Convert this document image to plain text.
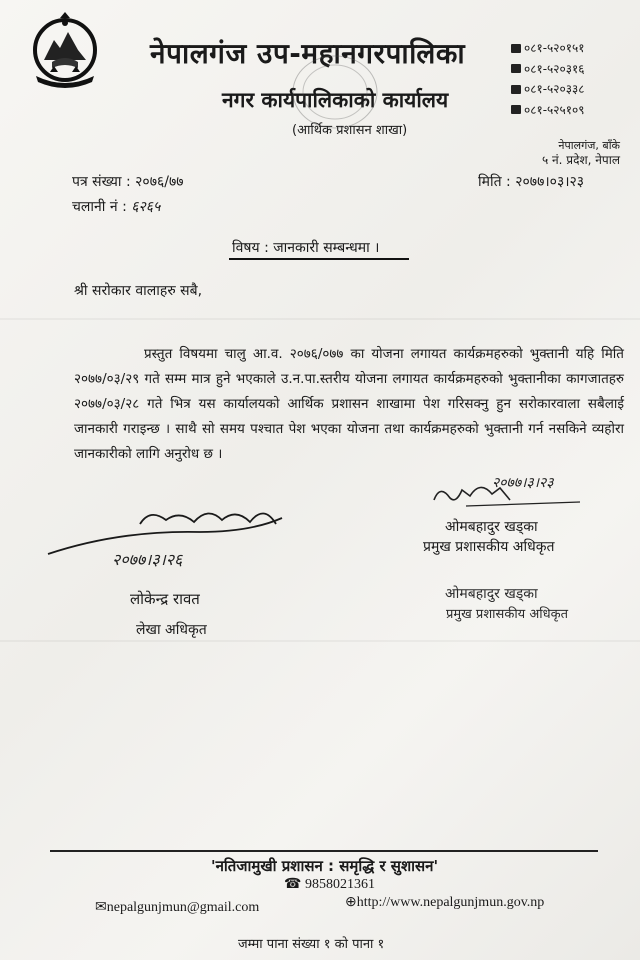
नेपालगंज उप-महानगरपालिका
नगर कार्यपालिकाको कार्यालय
(आर्थिक प्रशासन शाखा)
०८१-५२०१५१
०८१-५२०३१६
०८१-५२०३३८
०८१-५२५१०९
नेपालगंज, बाँके
५ नं. प्रदेश, नेपाल
पत्र संख्या : २०७६/७७
चलानी नं : ६२६५
मिति : २०७७।०३।२३
विषय : जानकारी सम्बन्धमा ।
श्री सरोकार वालाहरु सबै,
प्रस्तुत विषयमा चालु आ.व. २०७६/०७७ का योजना लगायत कार्यक्रमहरुको भुक्तानी यहि मिति २०७७/०३/२९ गते सम्म मात्र हुने भएकाले उ.न.पा.स्तरीय योजना लगायत कार्यक्रमहरुको भुक्तानीका कागजातहरु २०७७/०३/२८ गते भित्र यस कार्यालयको आर्थिक प्रशासन शाखामा पेश गरिसक्नु हुन सरोकारवाला सबैलाई जानकारी गराइन्छ । साथै सो समय पश्चात पेश भएका योजना तथा कार्यक्रमहरुको भुक्तानी गर्न नसकिने व्यहोरा जानकारीको लागि अनुरोध छ ।
२०७७।३।२३
ओमबहादुर खड्का
प्रमुख प्रशासकीय अधिकृत
ओमबहादुर खड्का
प्रमुख प्रशासकीय अधिकृत
२०७७।३।२६
लोकेन्द्र रावत
लेखा अधिकृत
'नतिजामुखी प्रशासन : समृद्धि र सुशासन'
☎ 9858021361
✉nepalgunjmun@gmail.com	⊕http://www.nepalgunjmun.gov.np
जम्मा पाना संख्या १ को पाना १
